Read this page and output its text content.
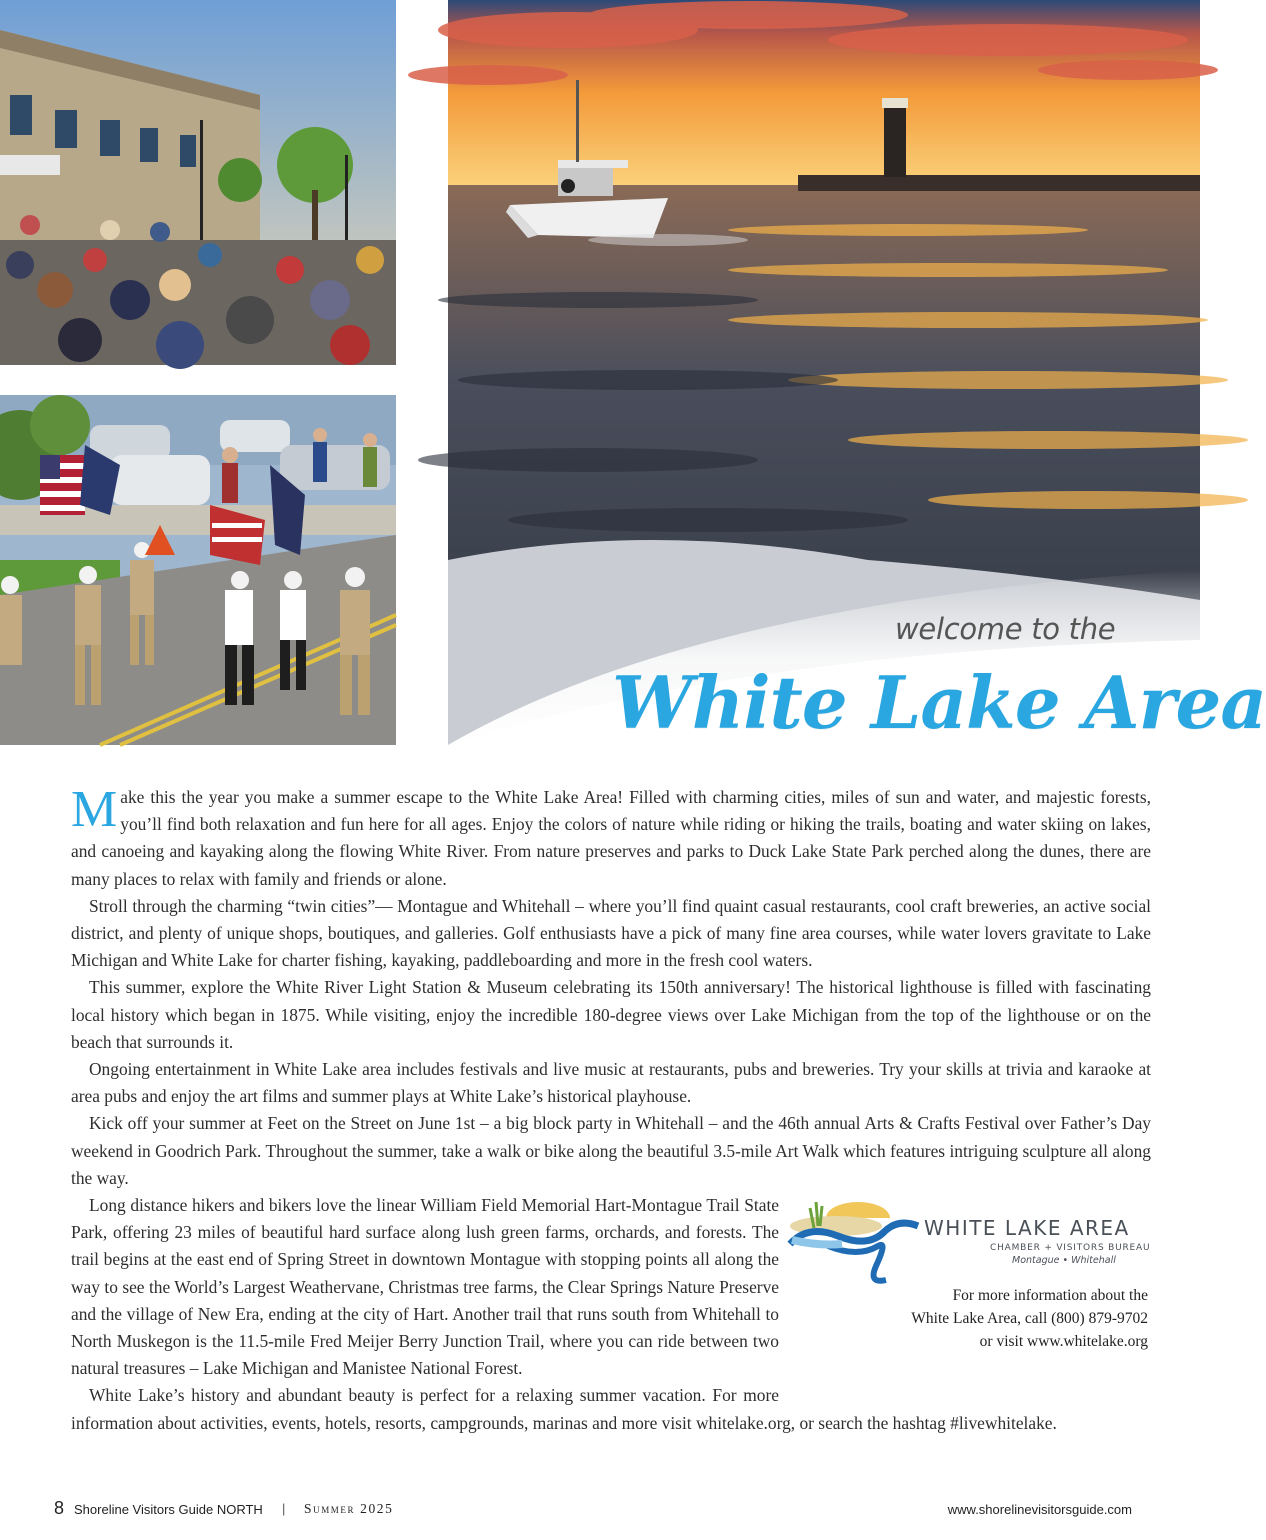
welcome to the
White Lake Area
WHITE LAKE AREA
CHAMBER + VISITORS BUREAU
Montague • Whitehall
For more information about the
White Lake Area, call (800) 879-9702
or visit www.whitelake.org

Make this the year you make a summer escape to the White Lake Area! Filled with charming cities, miles of sun and water, and majestic forests, you’ll find both relaxation and fun here for all ages. Enjoy the colors of nature while riding or hiking the trails, boating and water skiing on lakes, and canoeing and kayaking along the flowing White River. From nature preserves and parks to Duck Lake State Park perched along the dunes, there are many places to relax with family and friends or alone.

Stroll through the charming “twin cities”— Montague and Whitehall – where you’ll find quaint casual restaurants, cool craft breweries, an active social district, and plenty of unique shops, boutiques, and galleries. Golf enthusiasts have a pick of many fine area courses, while water lovers gravitate to Lake Michigan and White Lake for charter fishing, kayaking, paddleboarding and more in the fresh cool waters.

This summer, explore the White River Light Station & Museum celebrating its 150th anniversary! The historical lighthouse is filled with fascinating local history which began in 1875. While visiting, enjoy the incredible 180-degree views over Lake Michigan from the top of the lighthouse or on the beach that surrounds it.

Ongoing entertainment in White Lake area includes festivals and live music at restaurants, pubs and breweries. Try your skills at trivia and karaoke at area pubs and enjoy the art films and summer plays at White Lake’s historical playhouse.

Kick off your summer at Feet on the Street on June 1st – a big block party in Whitehall – and the 46th annual Arts & Crafts Festival over Father’s Day weekend in Goodrich Park. Throughout the summer, take a walk or bike along the beautiful 3.5-mile Art Walk which features intriguing sculpture all along the way.

Long distance hikers and bikers love the linear William Field Memorial Hart-Montague Trail State Park, offering 23 miles of beautiful hard surface along lush green farms, orchards, and forests. The trail begins at the east end of Spring Street in downtown Montague with stopping points all along the way to see the World’s Largest Weathervane, Christmas tree farms, the Clear Springs Nature Preserve and the village of New Era, ending at the city of Hart. Another trail that runs south from Whitehall to North Muskegon is the 11.5-mile Fred Meijer Berry Junction Trail, where you can ride between two natural treasures – Lake Michigan and Manistee National Forest.

White Lake’s history and abundant beauty is perfect for a relaxing summer vacation. For more information about activities, events, hotels, resorts, campgrounds, marinas and more visit whitelake.org, or search the hashtag #livewhitelake.

8 Shoreline Visitors Guide NORTH | Summer 2025	www.shorelinevisitorsguide.com
